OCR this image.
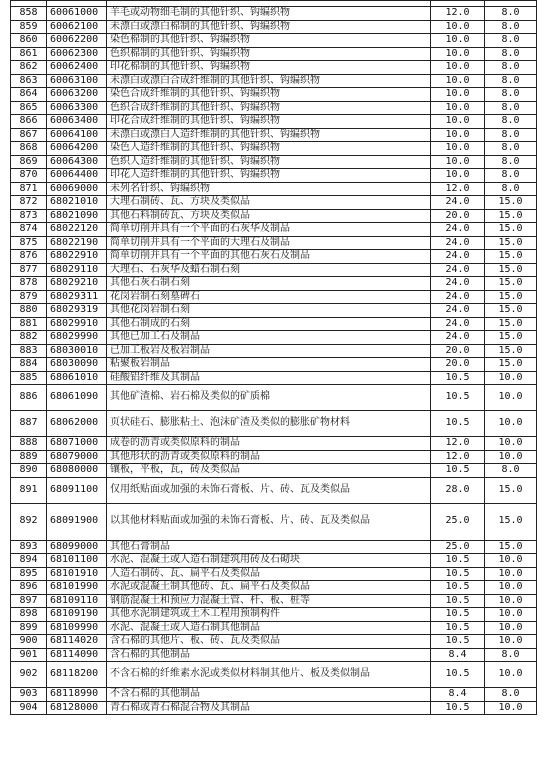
858	60061000	羊毛或动物细毛制的其他针织、钩编织物	12.0	8.0
859	60062100	未漂白或漂白棉制的其他针织、钩编织物	10.0	8.0
860	60062200	染色棉制的其他针织、钩编织物	10.0	8.0
861	60062300	色织棉制的其他针织、钩编织物	10.0	8.0
862	60062400	印花棉制的其他针织、钩编织物	10.0	8.0
863	60063100	未漂白或漂白合成纤维制的其他针织、钩编织物	10.0	8.0
864	60063200	染色合成纤维制的其他针织、钩编织物	10.0	8.0
865	60063300	色织合成纤维制的其他针织、钩编织物	10.0	8.0
866	60063400	印花合成纤维制的其他针织、钩编织物	10.0	8.0
867	60064100	未漂白或漂白人造纤维制的其他针织、钩编织物	10.0	8.0
868	60064200	染色人造纤维制的其他针织、钩编织物	10.0	8.0
869	60064300	色织人造纤维制的其他针织、钩编织物	10.0	8.0
870	60064400	印花人造纤维制的其他针织、钩编织物	10.0	8.0
871	60069000	未列名针织、钩编织物	12.0	8.0
872	68021010	大理石制砖、瓦、方块及类似品	24.0	15.0
873	68021090	其他石料制砖瓦、方块及类似品	20.0	15.0
874	68022120	简单切削并具有一个平面的石灰华及制品	24.0	15.0
875	68022190	简单切削并具有一个平面的大理石及制品	24.0	15.0
876	68022910	简单切削并具有一个平面的其他石灰石及制品	24.0	15.0
877	68029110	大理石、石灰华及蜡石制石刻	24.0	15.0
878	68029210	其他石灰石制石刻	24.0	15.0
879	68029311	花岗岩制石刻墓碑石	24.0	15.0
880	68029319	其他花岗岩制石刻	24.0	15.0
881	68029910	其他石制成的石刻	24.0	15.0
882	68029990	其他已加工石及制品	24.0	15.0
883	68030010	已加工板岩及板岩制品	20.0	15.0
884	68030090	粘聚板岩制品	20.0	15.0
885	68061010	硅酸铝纤维及其制品	10.5	10.0
886	68061090	其他矿渣棉、岩石棉及类似的矿质棉	10.5	10.0
887	68062000	页状硅石、膨胀粘土、泡沫矿渣及类似的膨胀矿物材料	10.5	10.0
888	68071000	成卷的沥青或类似原料的制品	12.0	10.0
889	68079000	其他形状的沥青或类似原料的制品	12.0	10.0
890	68080000	镶板，平板，瓦，砖及类似品	10.5	8.0
891	68091100	仅用纸贴面或加强的未饰石膏板、片、砖、瓦及类似品	28.0	15.0
892	68091900	以其他材料贴面或加强的未饰石膏板、片、砖、瓦及类似品	25.0	15.0
893	68099000	其他石膏制品	25.0	15.0
894	68101100	水泥、混凝土或人造石制建筑用砖及石砌块	10.5	10.0
895	68101910	人造石制砖、瓦、扁平石及类似品	10.5	10.0
896	68101990	水泥或混凝土制其他砖、瓦、扁平石及类似品	10.5	10.0
897	68109110	钢筋混凝土和预应力混凝土管、杆、板、桩等	10.5	10.0
898	68109190	其他水泥制建筑或土木工程用预制构件	10.5	10.0
899	68109990	水泥、混凝土或人造石制其他制品	10.5	10.0
900	68114020	含石棉的其他片、板、砖、瓦及类似品	10.5	10.0
901	68114090	含石棉的其他制品	8.4	8.0
902	68118200	不含石棉的纤维素水泥或类似材料制其他片、板及类似制品	10.5	10.0
903	68118990	不含石棉的其他制品	8.4	8.0
904	68128000	青石棉或青石棉混合物及其制品	10.5	10.0
